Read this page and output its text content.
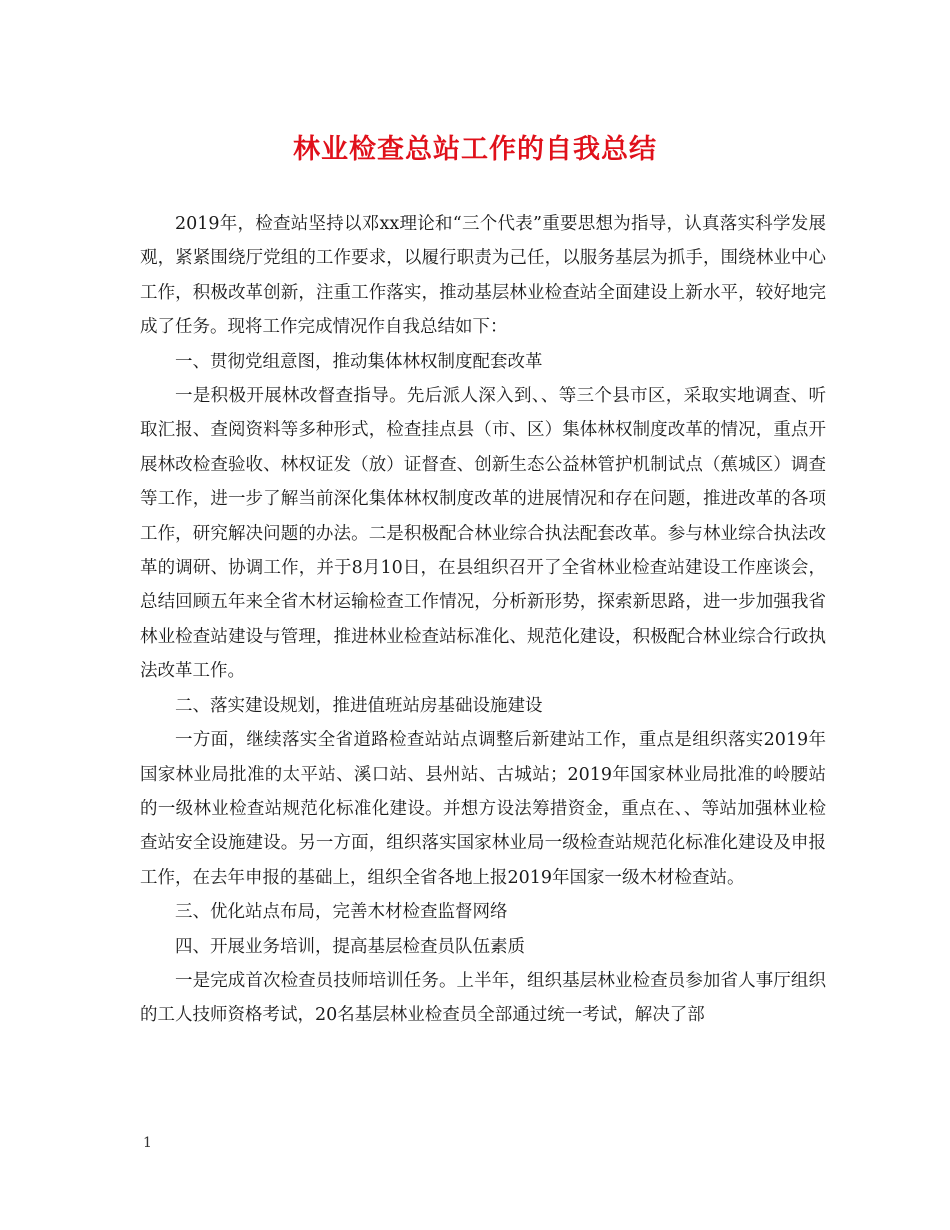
林业检查总站工作的自我总结

2019年，检查站坚持以邓xx理论和“三个代表”重要思想为指导，认真落实科学发展观，紧紧围绕厅党组的工作要求，以履行职责为己任，以服务基层为抓手，围绕林业中心工作，积极改革创新，注重工作落实，推动基层林业检查站全面建设上新水平，较好地完成了任务。现将工作完成情况作自我总结如下：

一、贯彻党组意图，推动集体林权制度配套改革

一是积极开展林改督查指导。先后派人深入到、、等三个县市区，采取实地调查、听取汇报、查阅资料等多种形式，检查挂点县（市、区）集体林权制度改革的情况，重点开展林改检查验收、林权证发（放）证督查、创新生态公益林管护机制试点（蕉城区）调查等工作，进一步了解当前深化集体林权制度改革的进展情况和存在问题，推进改革的各项工作，研究解决问题的办法。二是积极配合林业综合执法配套改革。参与林业综合执法改革的调研、协调工作，并于8月10日，在县组织召开了全省林业检查站建设工作座谈会，总结回顾五年来全省木材运输检查工作情况，分析新形势，探索新思路，进一步加强我省林业检查站建设与管理，推进林业检查站标准化、规范化建设，积极配合林业综合行政执法改革工作。

二、落实建设规划，推进值班站房基础设施建设

一方面，继续落实全省道路检查站站点调整后新建站工作，重点是组织落实2019年国家林业局批准的太平站、溪口站、县州站、古城站；2019年国家林业局批准的岭腰站的一级林业检查站规范化标准化建设。并想方设法筹措资金，重点在、、等站加强林业检查站安全设施建设。另一方面，组织落实国家林业局一级检查站规范化标准化建设及申报工作，在去年申报的基础上，组织全省各地上报2019年国家一级木材检查站。

三、优化站点布局，完善木材检查监督网络

四、开展业务培训，提高基层检查员队伍素质

一是完成首次检查员技师培训任务。上半年，组织基层林业检查员参加省人事厅组织的工人技师资格考试，20名基层林业检查员全部通过统一考试，解决了部

1
